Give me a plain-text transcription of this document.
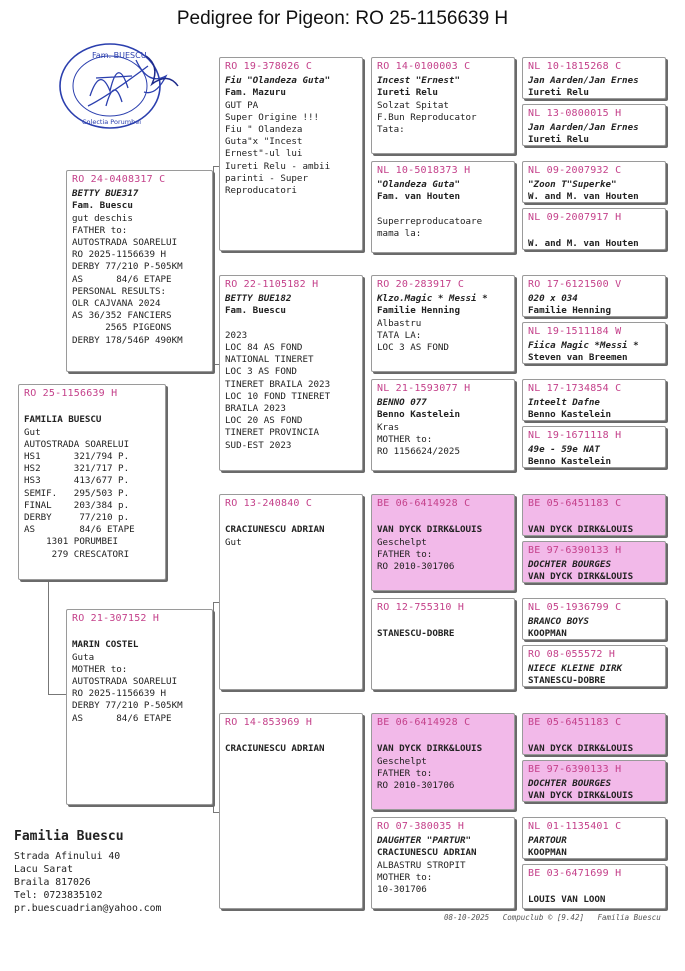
Pedigree for Pigeon: RO 25-1156639 H
Fam. BUESCU
Colectia Porumbei
RO 25-1156639 H
FAMILIA BUESCU
Gut
AUTOSTRADA SOARELUI
HS1      321/794 P.
HS2      321/717 P.
HS3      413/677 P.
SEMIF.   295/503 P.
FINAL    203/384 p.
DERBY     77/210 p.
AS        84/6 ETAPE
1301 PORUMBEI
279 CRESCATORI
RO 24-0408317 C
BETTY BUE317
Fam. Buescu
gut deschis
FATHER to:
AUTOSTRADA SOARELUI
RO 2025-1156639 H
DERBY 77/210 P-505KM
AS      84/6 ETAPE
PERSONAL RESULTS:
OLR CAJVANA 2024
AS 36/352 FANCIERS
2565 PIGEONS
DERBY 178/546P 490KM
RO 21-307152 H
MARIN COSTEL
Guta
MOTHER to:
AUTOSTRADA SOARELUI
RO 2025-1156639 H
DERBY 77/210 P-505KM
AS      84/6 ETAPE
RO 19-378026 C
Fiu "Olandeza Guta"
Fam. Mazuru
GUT PA
Super Origine !!!
Fiu " Olandeza
Guta"x "Incest
Ernest"-ul lui
Iureti Relu - ambii
parinti - Super
Reproducatori
RO 22-1105182 H
BETTY BUE182
Fam. Buescu
2023
LOC 84 AS FOND
NATIONAL TINERET
LOC 3 AS FOND
TINERET BRAILA 2023
LOC 10 FOND TINERET
BRAILA 2023
LOC 20 AS FOND
TINERET PROVINCIA
SUD-EST 2023
RO 13-240840 C
CRACIUNESCU ADRIAN
Gut
RO 14-853969 H
CRACIUNESCU ADRIAN
RO 14-0100003 C
Incest "Ernest"
Iureti Relu
Solzat Spitat
F.Bun Reproducator
Tata:
NL 10-5018373 H
"Olandeza Guta"
Fam. van Houten
Superreproducatoare
mama la:
RO 20-283917 C
Klzo.Magic * Messi *
Familie Henning
Albastru
TATA LA:
LOC 3 AS FOND
NL 21-1593077 H
BENNO 077
Benno Kastelein
Kras
MOTHER to:
RO 1156624/2025
BE 06-6414928 C
VAN DYCK DIRK&LOUIS
Geschelpt
FATHER to:
RO 2010-301706
RO 12-755310 H
STANESCU-DOBRE
BE 06-6414928 C
VAN DYCK DIRK&LOUIS
Geschelpt
FATHER to:
RO 2010-301706
RO 07-380035 H
DAUGHTER "PARTUR"
CRACIUNESCU ADRIAN
ALBASTRU STROPIT
MOTHER to:
10-301706
NL 10-1815268 C
Jan Aarden/Jan Ernes
Iureti Relu
NL 13-0800015 H
Jan Aarden/Jan Ernes
Iureti Relu
NL 09-2007932 C
"Zoon T"Superke"
W. and M. van Houten
NL 09-2007917 H
W. and M. van Houten
RO 17-6121500 V
020 x 034
Familie Henning
NL 19-1511184 W
Fiica Magic *Messi *
Steven van Breemen
NL 17-1734854 C
Inteelt Dafne
Benno Kastelein
NL 19-1671118 H
49e - 59e NAT
Benno Kastelein
BE 05-6451183 C
VAN DYCK DIRK&LOUIS
BE 97-6390133 H
DOCHTER BOURGES
VAN DYCK DIRK&LOUIS
NL 05-1936799 C
BRANCO BOYS
KOOPMAN
RO 08-055572 H
NIECE KLEINE DIRK
STANESCU-DOBRE
BE 05-6451183 C
VAN DYCK DIRK&LOUIS
BE 97-6390133 H
DOCHTER BOURGES
VAN DYCK DIRK&LOUIS
NL 01-1135401 C
PARTOUR
KOOPMAN
BE 03-6471699 H
LOUIS VAN LOON
Familia Buescu
Strada Afinului 40
Lacu Sarat
Braila 817026
Tel: 0723835102
pr.buescuadrian@yahoo.com
08-10-2025   Compuclub © [9.42]   Familia Buescu
